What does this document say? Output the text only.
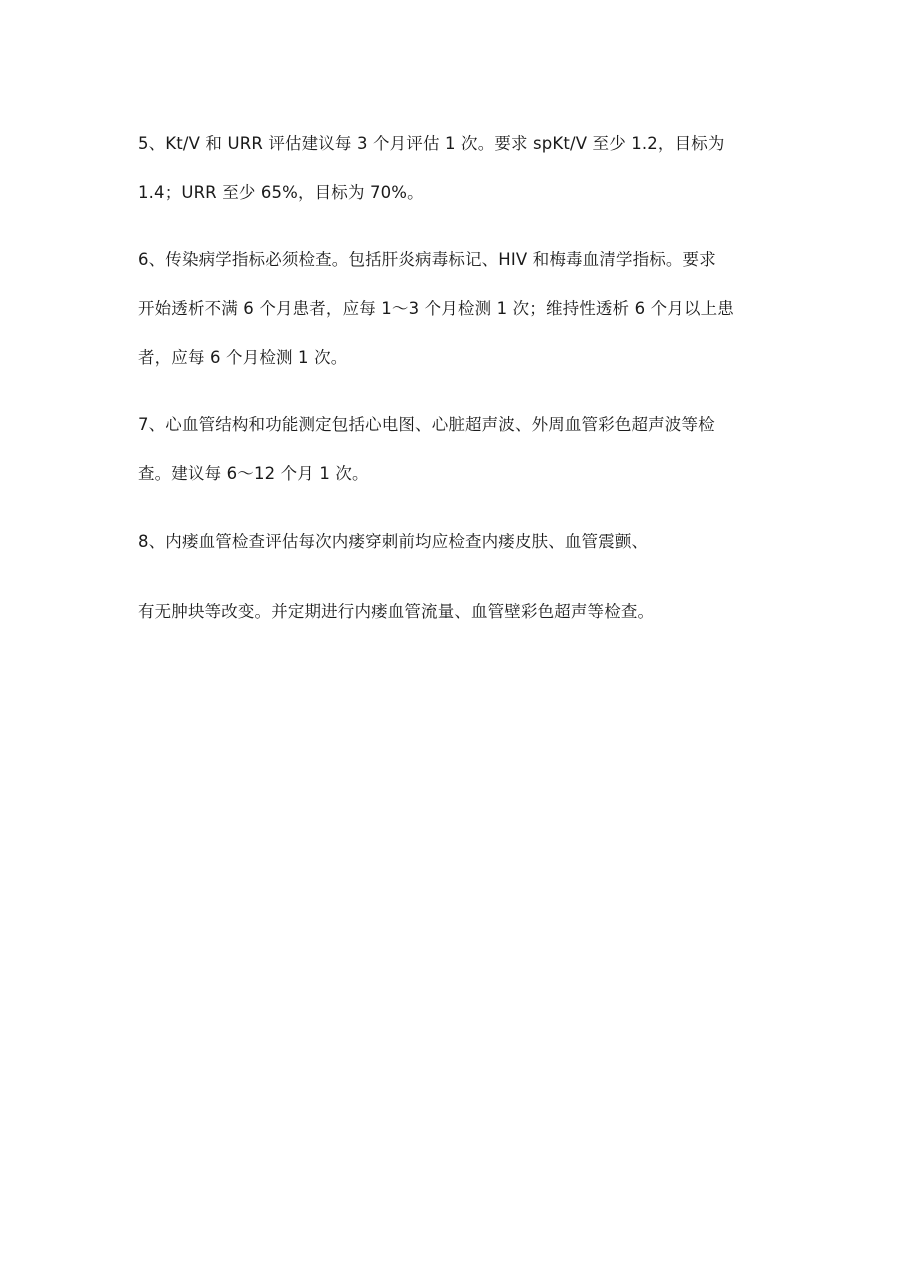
5、Kt/V 和 URR 评估建议每 3 个月评估 1 次。要求 spKt/V 至少 1.2，目标为
1.4；URR 至少 65%，目标为 70%。
6、传染病学指标必须检查。包括肝炎病毒标记、HIV 和梅毒血清学指标。要求
开始透析不满 6 个月患者，应每 1～3 个月检测 1 次；维持性透析 6 个月以上患
者，应每 6 个月检测 1 次。
7、心血管结构和功能测定包括心电图、心脏超声波、外周血管彩色超声波等检
查。建议每 6～12 个月 1 次。
8、内瘘血管检查评估每次内瘘穿刺前均应检查内瘘皮肤、血管震颤、
有无肿块等改变。并定期进行内瘘血管流量、血管壁彩色超声等检查。
